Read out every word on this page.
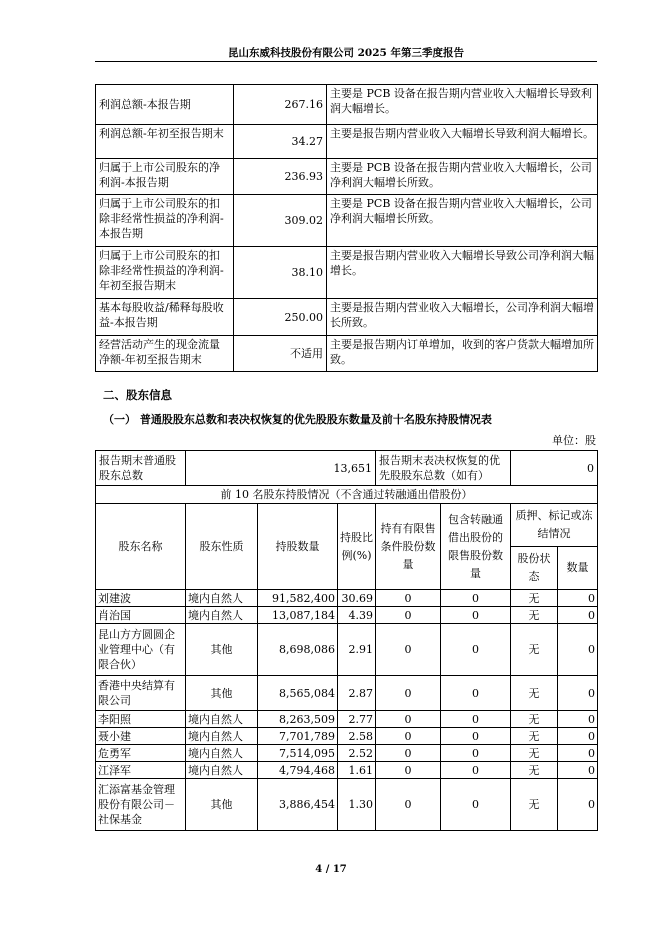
昆山东威科技股份有限公司 2025 年第三季度报告
利润总额-本报告期	267.16	主要是 PCB 设备在报告期内营业收入大幅增长导致利润大幅增长。
利润总额-年初至报告期末	34.27	主要是报告期内营业收入大幅增长导致利润大幅增长。
归属于上市公司股东的净利润-本报告期	236.93	主要是 PCB 设备在报告期内营业收入大幅增长，公司净利润大幅增长所致。
归属于上市公司股东的扣除非经常性损益的净利润-本报告期	309.02	主要是 PCB 设备在报告期内营业收入大幅增长，公司净利润大幅增长所致。
归属于上市公司股东的扣除非经常性损益的净利润-年初至报告期末	38.10	主要是报告期内营业收入大幅增长导致公司净利润大幅增长。
基本每股收益/稀释每股收益-本报告期	250.00	主要是报告期内营业收入大幅增长，公司净利润大幅增长所致。
经营活动产生的现金流量净额-年初至报告期末	不适用	主要是报告期内订单增加，收到的客户货款大幅增加所致。
二、股东信息
（一） 普通股股东总数和表决权恢复的优先股股东数量及前十名股东持股情况表
单位：股
报告期末普通股股东总数	13,651	报告期末表决权恢复的优先股股东总数（如有）	0
前 10 名股东持股情况（不含通过转融通出借股份）							
股东名称	股东性质	持股数量	持股比例(%)	持有有限售条件股份数量	包含转融通借出股份的限售股份数量	质押、标记或冻结情况	
						股份状态	数量
刘建波	境内自然人	91,582,400	30.69	0	0	无	0
肖治国	境内自然人	13,087,184	4.39	0	0	无	0
昆山方方圆圆企业管理中心（有限合伙）	其他	8,698,086	2.91	0	0	无	0
香港中央结算有限公司	其他	8,565,084	2.87	0	0	无	0
李阳照	境内自然人	8,263,509	2.77	0	0	无	0
聂小建	境内自然人	7,701,789	2.58	0	0	无	0
危勇军	境内自然人	7,514,095	2.52	0	0	无	0
江泽军	境内自然人	4,794,468	1.61	0	0	无	0
汇添富基金管理股份有限公司－社保基金	其他	3,886,454	1.30	0	0	无	0
4 / 17
